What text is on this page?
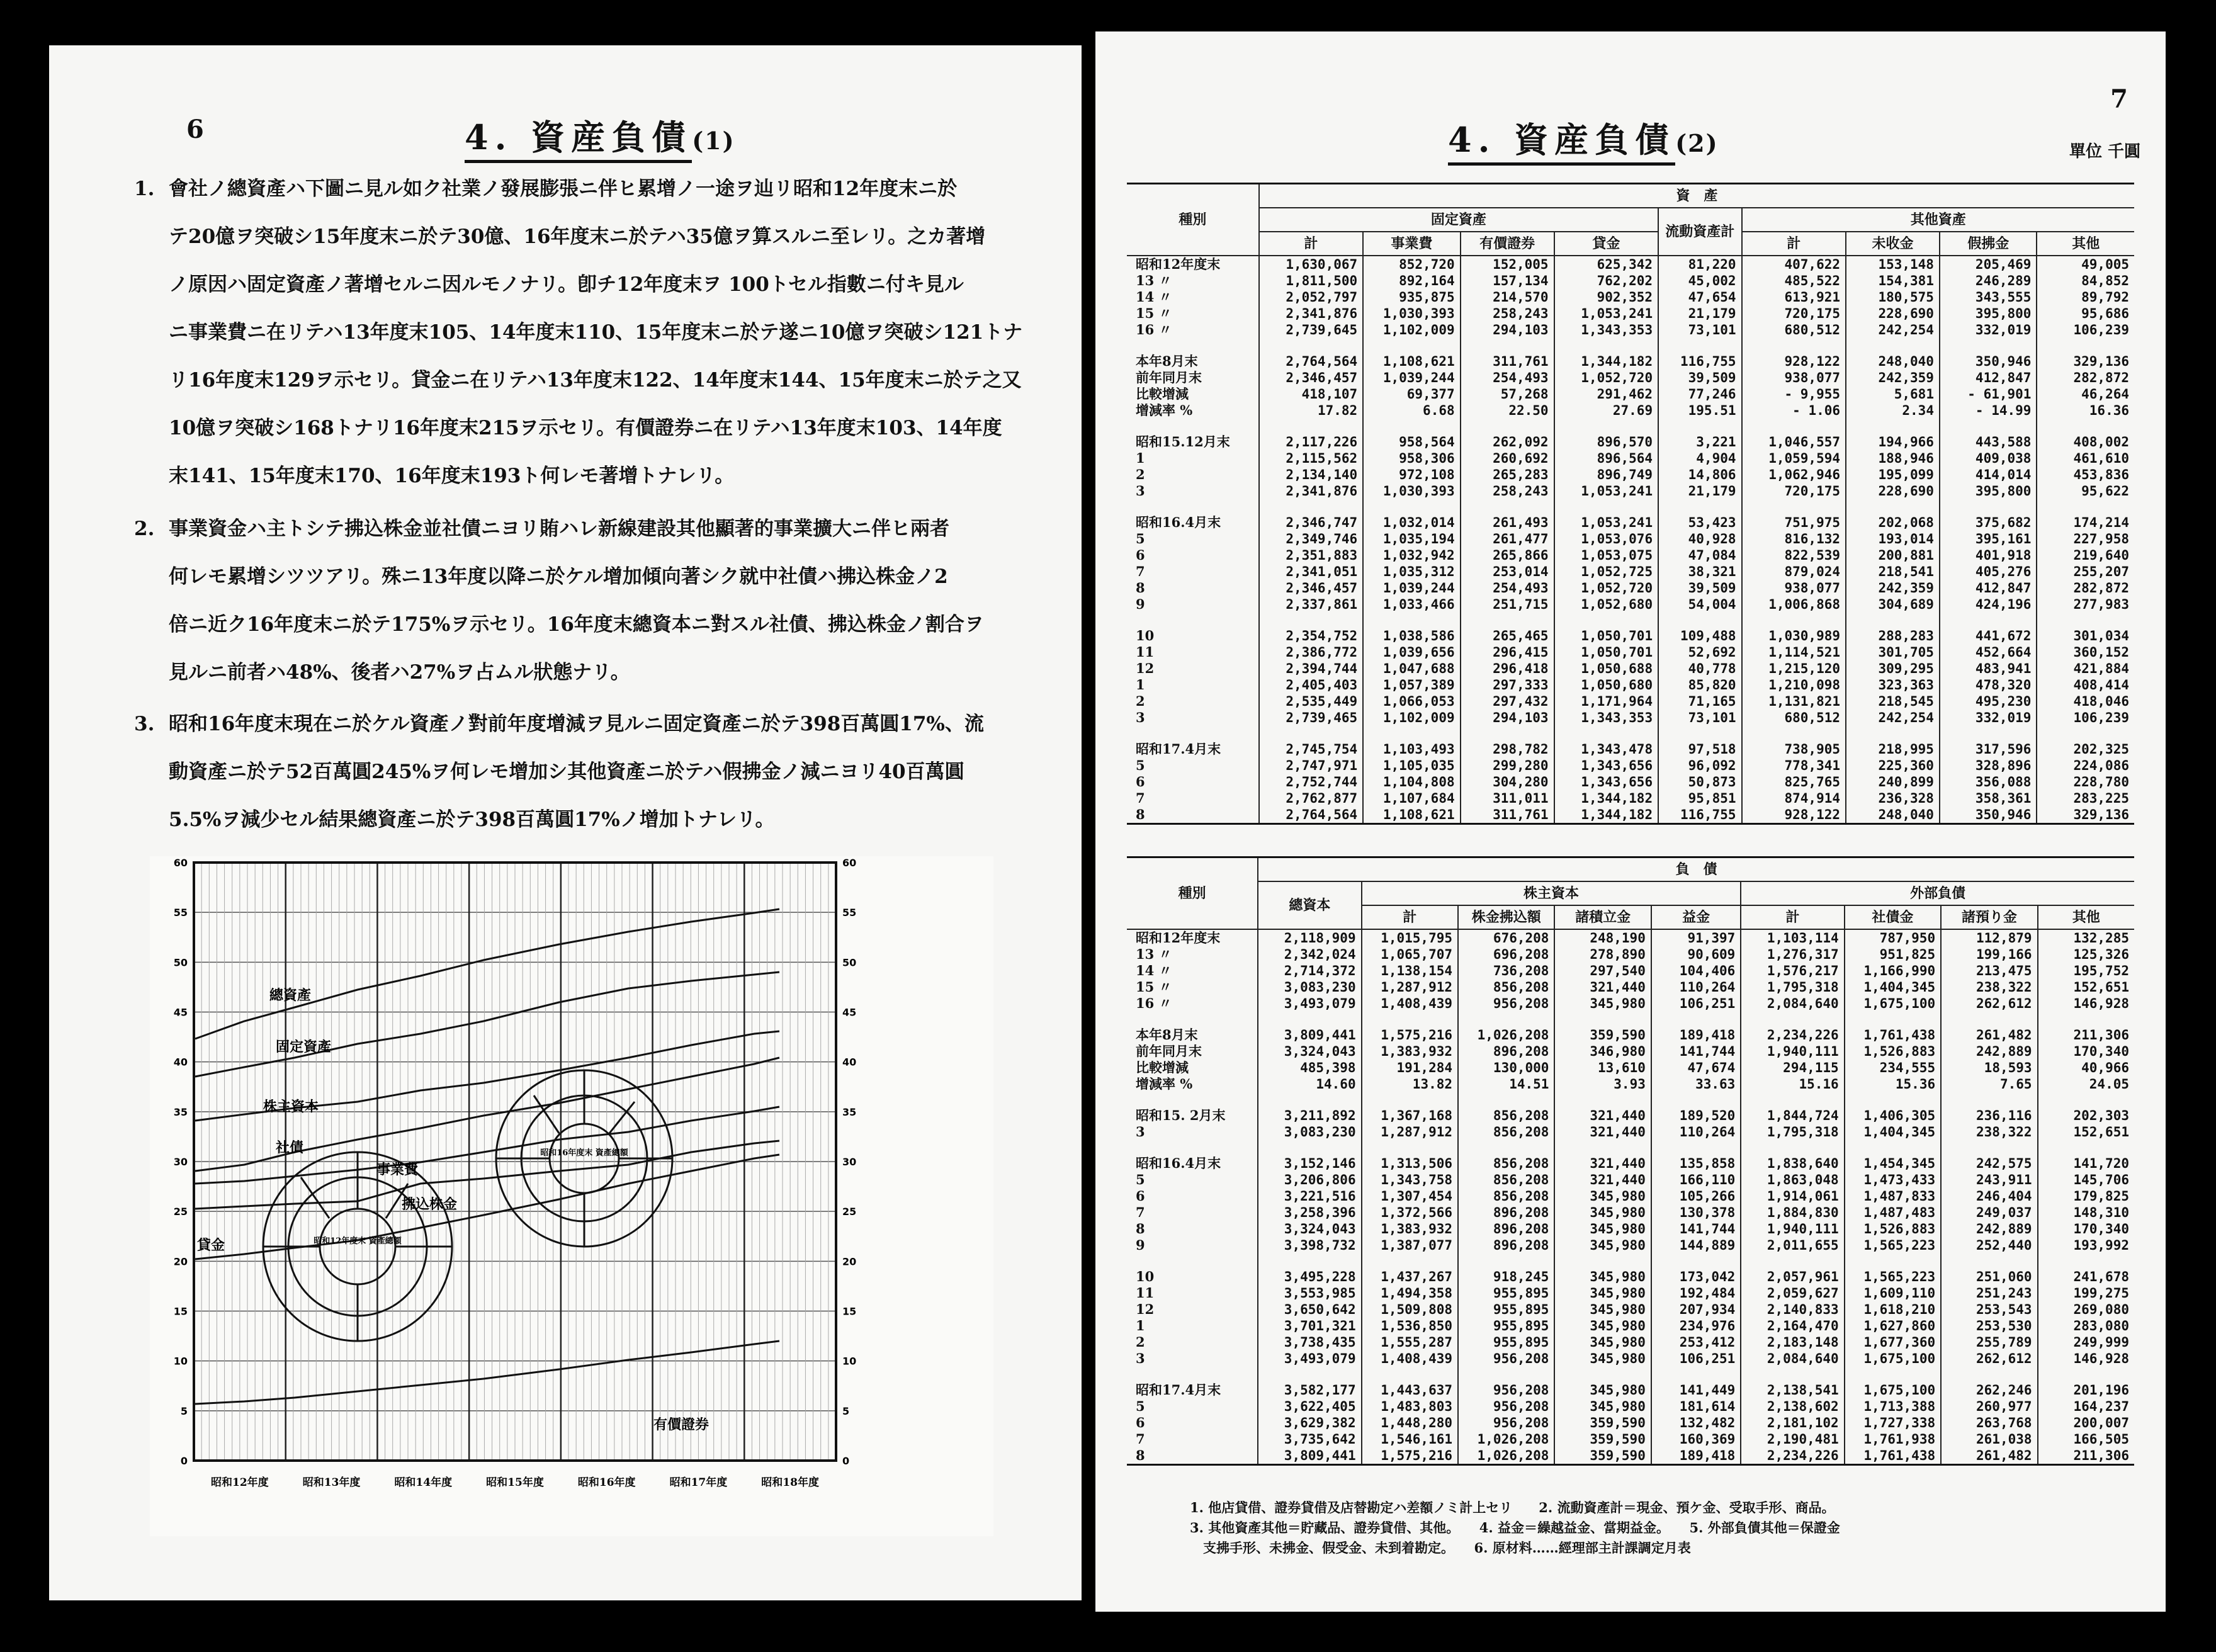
6	4. 資産負債(1)
1. 會社ノ總資產ハ下圖ニ見ル如ク社業ノ發展膨張ニ伴ヒ累增ノ一途ヲ辿リ昭和12年度末ニ於
テ20億ヲ突破シ15年度末ニ於テ30億、16年度末ニ於テハ35億ヲ算スルニ至レリ。之カ著增
ノ原因ハ固定資產ノ著增セルニ因ルモノナリ。卽チ12年度末ヲ 100トセル指數ニ付キ見ル
ニ事業費ニ在リテハ13年度末105、14年度末110、15年度末ニ於テ遂ニ10億ヲ突破シ121トナ
リ16年度末129ヲ示セリ。貸金ニ在リテハ13年度末122、14年度末144、15年度末ニ於テ之又
10億ヲ突破シ168トナリ16年度末215ヲ示セリ。有價證券ニ在リテハ13年度末103、14年度
末141、15年度末170、16年度末193ト何レモ著增トナレリ。
2. 事業資金ハ主トシテ拂込株金並社債ニヨリ賄ハレ新線建設其他顯著的事業擴大ニ伴ヒ兩者
何レモ累增シツツアリ。殊ニ13年度以降ニ於ケル增加傾向著シク就中社債ハ拂込株金ノ2
倍ニ近ク16年度末ニ於テ175%ヲ示セリ。16年度末總資本ニ對スル社債、拂込株金ノ割合ヲ
見ルニ前者ハ48%、後者ハ27%ヲ占ムル狀態ナリ。
3. 昭和16年度末現在ニ於ケル資產ノ對前年度增減ヲ見ルニ固定資產ニ於テ398百萬圓17%、流
動資產ニ於テ52百萬圓245%ヲ何レモ增加シ其他資產ニ於テハ假拂金ノ減ニヨリ40百萬圓
5.5%ヲ減少セル結果總資產ニ於テ398百萬圓17%ノ增加トナレリ。
60	60
55	55
50	50
45	45
40	40
35	35
30	30
25	25
20	20
15	15
10	10
5	5
0	0
昭和12年度	昭和13年度	昭和14年度	昭和15年度	昭和16年度	昭和17年度	昭和18年度
昭和12年度末 資產總額
昭和16年度末 資產總額
總資產
固定資產
株主資本
社債
事業費
拂込株金
貸金
有價證券
7
4. 資産負債(2)	單位 千圓
種別	資　產								
	固定資產				流動資產計	其他資產			
	計	事業費	有價證券	貸金		計	未收金	假拂金	其他
昭和12年度末	1,630,067	852,720	152,005	625,342	81,220	407,622	153,148	205,469	49,005
13 〃	1,811,500	892,164	157,134	762,202	45,002	485,522	154,381	246,289	84,852
14 〃	2,052,797	935,875	214,570	902,352	47,654	613,921	180,575	343,555	89,792
15 〃	2,341,876	1,030,393	258,243	1,053,241	21,179	720,175	228,690	395,800	95,686
16 〃	2,739,645	1,102,009	294,103	1,343,353	73,101	680,512	242,254	332,019	106,239

本年8月末	2,764,564	1,108,621	311,761	1,344,182	116,755	928,122	248,040	350,946	329,136
前年同月末	2,346,457	1,039,244	254,493	1,052,720	39,509	938,077	242,359	412,847	282,872
比較增減	418,107	69,377	57,268	291,462	77,246	- 9,955	5,681	- 61,901	46,264
增減率 %	17.82	6.68	22.50	27.69	195.51	- 1.06	2.34	- 14.99	16.36

昭和15.12月末	2,117,226	958,564	262,092	896,570	3,221	1,046,557	194,966	443,588	408,002
1	2,115,562	958,306	260,692	896,564	4,904	1,059,594	188,946	409,038	461,610
2	2,134,140	972,108	265,283	896,749	14,806	1,062,946	195,099	414,014	453,836
3	2,341,876	1,030,393	258,243	1,053,241	21,179	720,175	228,690	395,800	95,622

昭和16.4月末	2,346,747	1,032,014	261,493	1,053,241	53,423	751,975	202,068	375,682	174,214
5	2,349,746	1,035,194	261,477	1,053,076	40,928	816,132	193,014	395,161	227,958
6	2,351,883	1,032,942	265,866	1,053,075	47,084	822,539	200,881	401,918	219,640
7	2,341,051	1,035,312	253,014	1,052,725	38,321	879,024	218,541	405,276	255,207
8	2,346,457	1,039,244	254,493	1,052,720	39,509	938,077	242,359	412,847	282,872
9	2,337,861	1,033,466	251,715	1,052,680	54,004	1,006,868	304,689	424,196	277,983

10	2,354,752	1,038,586	265,465	1,050,701	109,488	1,030,989	288,283	441,672	301,034
11	2,386,772	1,039,656	296,415	1,050,701	52,692	1,114,521	301,705	452,664	360,152
12	2,394,744	1,047,688	296,418	1,050,688	40,778	1,215,120	309,295	483,941	421,884
1	2,405,403	1,057,389	297,333	1,050,680	85,820	1,210,098	323,363	478,320	408,414
2	2,535,449	1,066,053	297,432	1,171,964	71,165	1,131,821	218,545	495,230	418,046
3	2,739,465	1,102,009	294,103	1,343,353	73,101	680,512	242,254	332,019	106,239

昭和17.4月末	2,745,754	1,103,493	298,782	1,343,478	97,518	738,905	218,995	317,596	202,325
5	2,747,971	1,105,035	299,280	1,343,656	96,092	778,341	225,360	328,896	224,086
6	2,752,744	1,104,808	304,280	1,343,656	50,873	825,765	240,899	356,088	228,780
7	2,762,877	1,107,684	311,011	1,344,182	95,851	874,914	236,328	358,361	283,225
8	2,764,564	1,108,621	311,761	1,344,182	116,755	928,122	248,040	350,946	329,136
種別	負　債								
	總資本	株主資本				外部負債			
		計	株金拂込額	諸積立金	益金	計	社債金	諸預り金	其他
昭和12年度末	2,118,909	1,015,795	676,208	248,190	91,397	1,103,114	787,950	112,879	132,285
13 〃	2,342,024	1,065,707	696,208	278,890	90,609	1,276,317	951,825	199,166	125,326
14 〃	2,714,372	1,138,154	736,208	297,540	104,406	1,576,217	1,166,990	213,475	195,752
15 〃	3,083,230	1,287,912	856,208	321,440	110,264	1,795,318	1,404,345	238,322	152,651
16 〃	3,493,079	1,408,439	956,208	345,980	106,251	2,084,640	1,675,100	262,612	146,928

本年8月末	3,809,441	1,575,216	1,026,208	359,590	189,418	2,234,226	1,761,438	261,482	211,306
前年同月末	3,324,043	1,383,932	896,208	346,980	141,744	1,940,111	1,526,883	242,889	170,340
比較增減	485,398	191,284	130,000	13,610	47,674	294,115	234,555	18,593	40,966
增減率 %	14.60	13.82	14.51	3.93	33.63	15.16	15.36	7.65	24.05

昭和15. 2月末	3,211,892	1,367,168	856,208	321,440	189,520	1,844,724	1,406,305	236,116	202,303
3	3,083,230	1,287,912	856,208	321,440	110,264	1,795,318	1,404,345	238,322	152,651

昭和16.4月末	3,152,146	1,313,506	856,208	321,440	135,858	1,838,640	1,454,345	242,575	141,720
5	3,206,806	1,343,758	856,208	321,440	166,110	1,863,048	1,473,433	243,911	145,706
6	3,221,516	1,307,454	856,208	345,980	105,266	1,914,061	1,487,833	246,404	179,825
7	3,258,396	1,372,566	896,208	345,980	130,378	1,884,830	1,487,483	249,037	148,310
8	3,324,043	1,383,932	896,208	345,980	141,744	1,940,111	1,526,883	242,889	170,340
9	3,398,732	1,387,077	896,208	345,980	144,889	2,011,655	1,565,223	252,440	193,992

10	3,495,228	1,437,267	918,245	345,980	173,042	2,057,961	1,565,223	251,060	241,678
11	3,553,985	1,494,358	955,895	345,980	192,484	2,059,627	1,609,110	251,243	199,275
12	3,650,642	1,509,808	955,895	345,980	207,934	2,140,833	1,618,210	253,543	269,080
1	3,701,321	1,536,850	955,895	345,980	234,976	2,164,470	1,627,860	253,530	283,080
2	3,738,435	1,555,287	955,895	345,980	253,412	2,183,148	1,677,360	255,789	249,999
3	3,493,079	1,408,439	956,208	345,980	106,251	2,084,640	1,675,100	262,612	146,928

昭和17.4月末	3,582,177	1,443,637	956,208	345,980	141,449	2,138,541	1,675,100	262,246	201,196
5	3,622,405	1,483,803	956,208	345,980	181,614	2,138,602	1,713,388	260,977	164,237
6	3,629,382	1,448,280	956,208	359,590	132,482	2,181,102	1,727,338	263,768	200,007
7	3,735,642	1,546,161	1,026,208	359,590	160,369	2,190,481	1,761,938	261,038	166,505
8	3,809,441	1,575,216	1,026,208	359,590	189,418	2,234,226	1,761,438	261,482	211,306
1. 他店貸借、證券貸借及店替勘定ハ差額ノミ計上セリ　　2. 流動資產計＝現金、預ケ金、受取手形、商品。
3. 其他資產其他＝貯藏品、證券貸借、其他。　　4. 益金＝繰越益金、當期益金。　　5. 外部負債其他＝保證金
　支拂手形、未拂金、假受金、未到着勘定。　　6. 原材料……經理部主計課調定月表
